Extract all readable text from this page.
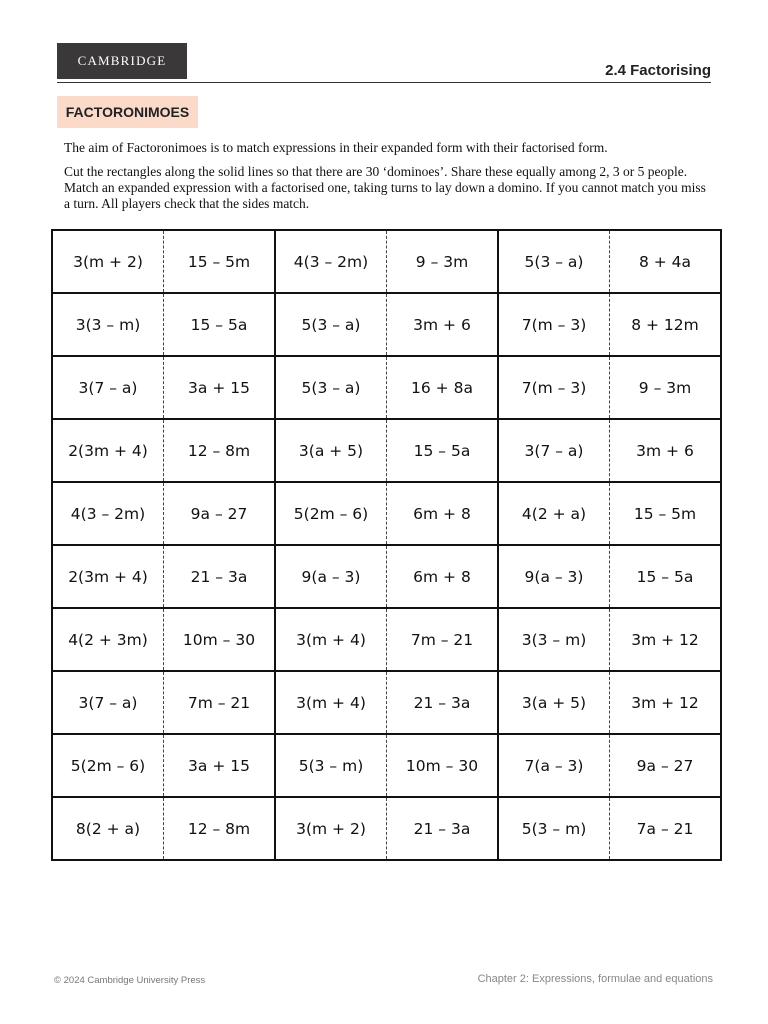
CAMBRIDGE
2.4 Factorising
FACTORONIMOES

The aim of Factoronimoes is to match expressions in their expanded form with their factorised form.

Cut the rectangles along the solid lines so that there are 30 ‘dominoes’. Share these equally among 2, 3 or 5 people. Match an expanded expression with a factorised one, taking turns to lay down a domino. If you cannot match you miss a turn. All players check that the sides match.

3(m + 2)	15 – 5m	4(3 – 2m)	9 – 3m	5(3 – a)	8 + 4a
3(3 – m)	15 – 5a	5(3 – a)	3m + 6	7(m – 3)	8 + 12m
3(7 – a)	3a + 15	5(3 – a)	16 + 8a	7(m – 3)	9 – 3m
2(3m + 4)	12 – 8m	3(a + 5)	15 – 5a	3(7 – a)	3m + 6
4(3 – 2m)	9a – 27	5(2m – 6)	6m + 8	4(2 + a)	15 – 5m
2(3m + 4)	21 – 3a	9(a – 3)	6m + 8	9(a – 3)	15 – 5a
4(2 + 3m)	10m – 30	3(m + 4)	7m – 21	3(3 – m)	3m + 12
3(7 – a)	7m – 21	3(m + 4)	21 – 3a	3(a + 5)	3m + 12
5(2m – 6)	3a + 15	5(3 – m)	10m – 30	7(a – 3)	9a – 27
8(2 + a)	12 – 8m	3(m + 2)	21 – 3a	5(3 – m)	7a – 21
© 2024 Cambridge University Press	Chapter 2: Expressions, formulae and equations
